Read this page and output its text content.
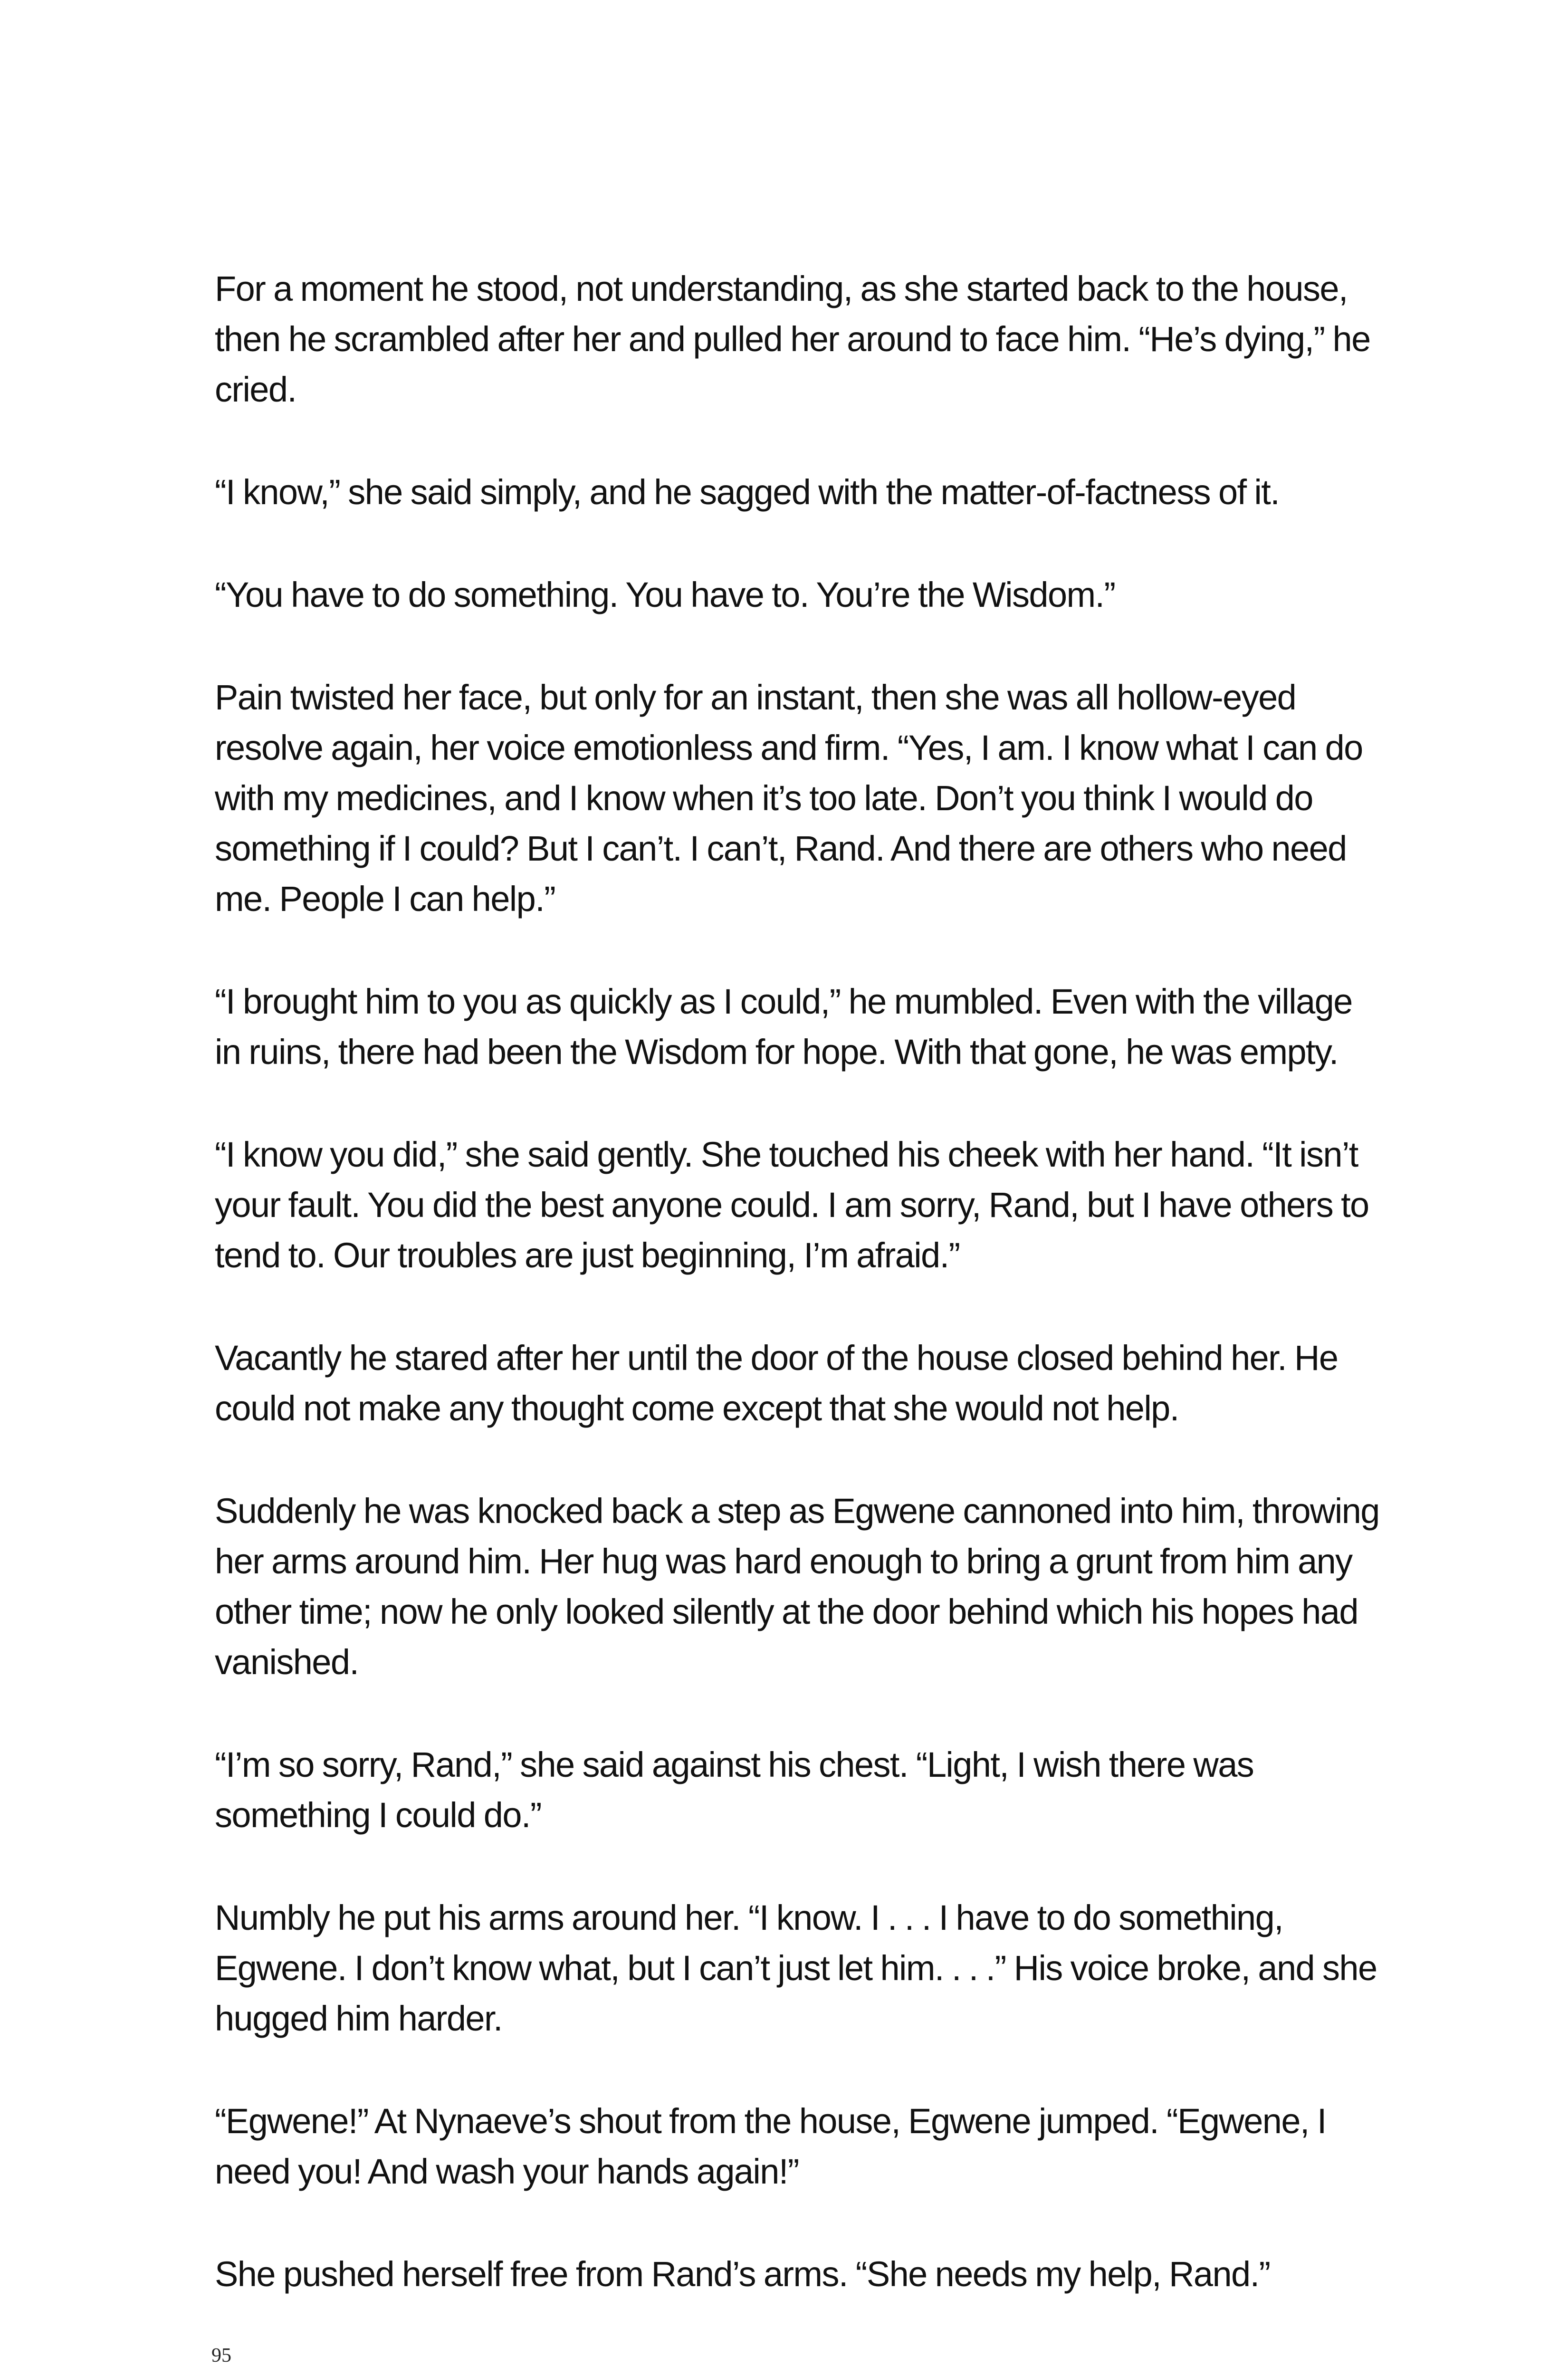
For a moment he stood, not understanding, as she started back to the house,
then he scrambled after her and pulled her around to face him. “He’s dying,” he
cried.

“I know,” she said simply, and he sagged with the matter-of-factness of it.

“You have to do something. You have to. You’re the Wisdom.”

Pain twisted her face, but only for an instant, then she was all hollow-eyed
resolve again, her voice emotionless and firm. “Yes, I am. I know what I can do
with my medicines, and I know when it’s too late. Don’t you think I would do
something if I could? But I can’t. I can’t, Rand. And there are others who need
me. People I can help.”

“I brought him to you as quickly as I could,” he mumbled. Even with the village
in ruins, there had been the Wisdom for hope. With that gone, he was empty.

“I know you did,” she said gently. She touched his cheek with her hand. “It isn’t
your fault. You did the best anyone could. I am sorry, Rand, but I have others to
tend to. Our troubles are just beginning, I’m afraid.”

Vacantly he stared after her until the door of the house closed behind her. He
could not make any thought come except that she would not help.

Suddenly he was knocked back a step as Egwene cannoned into him, throwing
her arms around him. Her hug was hard enough to bring a grunt from him any
other time; now he only looked silently at the door behind which his hopes had
vanished.

“I’m so sorry, Rand,” she said against his chest. “Light, I wish there was
something I could do.”

Numbly he put his arms around her. “I know. I . . . I have to do something,
Egwene. I don’t know what, but I can’t just let him. . . .” His voice broke, and she
hugged him harder.

“Egwene!” At Nynaeve’s shout from the house, Egwene jumped. “Egwene, I
need you! And wash your hands again!”

She pushed herself free from Rand’s arms. “She needs my help, Rand.”

95
